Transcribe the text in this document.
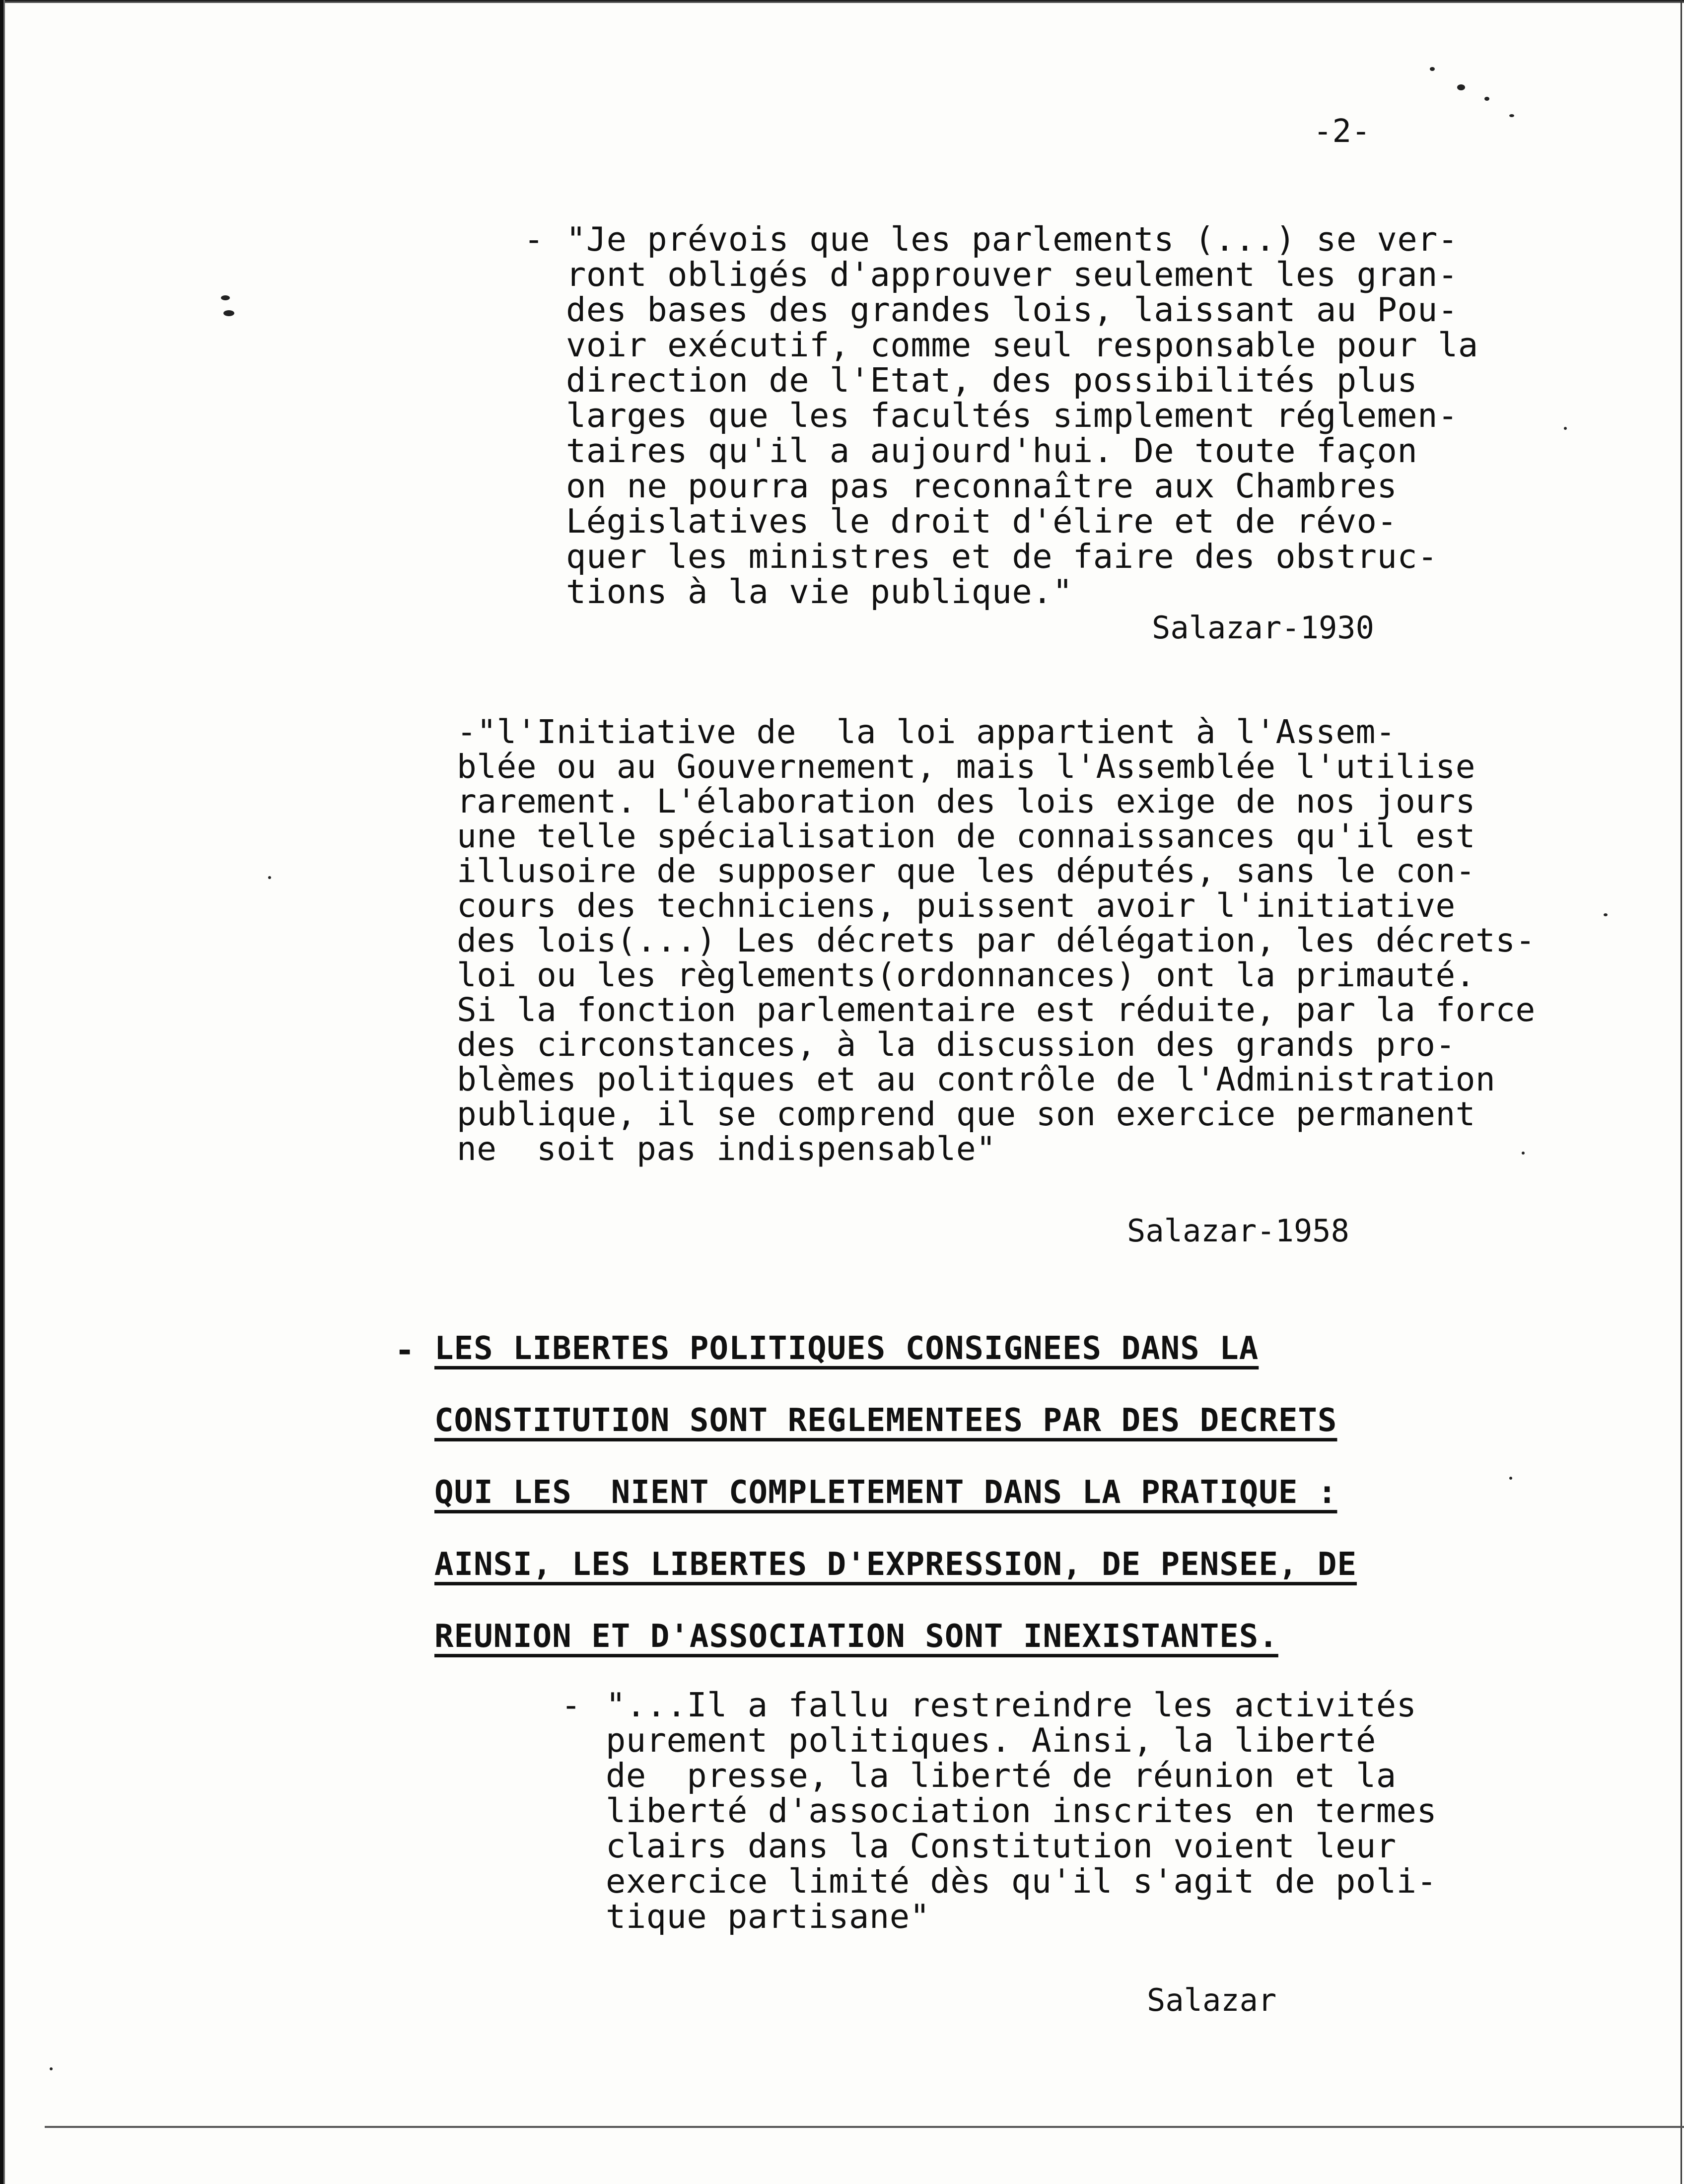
-2-

- "Je prévois que les parlements (...) se ver-
ront obligés d'approuver seulement les gran-
des bases des grandes lois, laissant au Pou-
voir exécutif, comme seul responsable pour la
direction de l'Etat, des possibilités plus
larges que les facultés simplement réglemen-
taires qu'il a aujourd'hui. De toute façon
on ne pourra pas reconnaître aux Chambres
Législatives le droit d'élire et de révo-
quer les ministres et de faire des obstruc-
tions à la vie publique."

Salazar-1930

-"l'Initiative de  la loi appartient à l'Assem-
blée ou au Gouvernement, mais l'Assemblée l'utilise
rarement. L'élaboration des lois exige de nos jours
une telle spécialisation de connaissances qu'il est
illusoire de supposer que les députés, sans le con-
cours des techniciens, puissent avoir l'initiative
des lois(...) Les décrets par délégation, les décrets-
loi ou les règlements(ordonnances) ont la primauté.
Si la fonction parlementaire est réduite, par la force
des circonstances, à la discussion des grands pro-
blèmes politiques et au contrôle de l'Administration
publique, il se comprend que son exercice permanent
ne  soit pas indispensable"

Salazar-1958

- LES LIBERTES POLITIQUES CONSIGNEES DANS LA
CONSTITUTION SONT REGLEMENTEES PAR DES DECRETS
QUI LES  NIENT COMPLETEMENT DANS LA PRATIQUE :
AINSI, LES LIBERTES D'EXPRESSION, DE PENSEE, DE
REUNION ET D'ASSOCIATION SONT INEXISTANTES.

- "...Il a fallu restreindre les activités
purement politiques. Ainsi, la liberté
de  presse, la liberté de réunion et la
liberté d'association inscrites en termes
clairs dans la Constitution voient leur
exercice limité dès qu'il s'agit de poli-
tique partisane"

Salazar
